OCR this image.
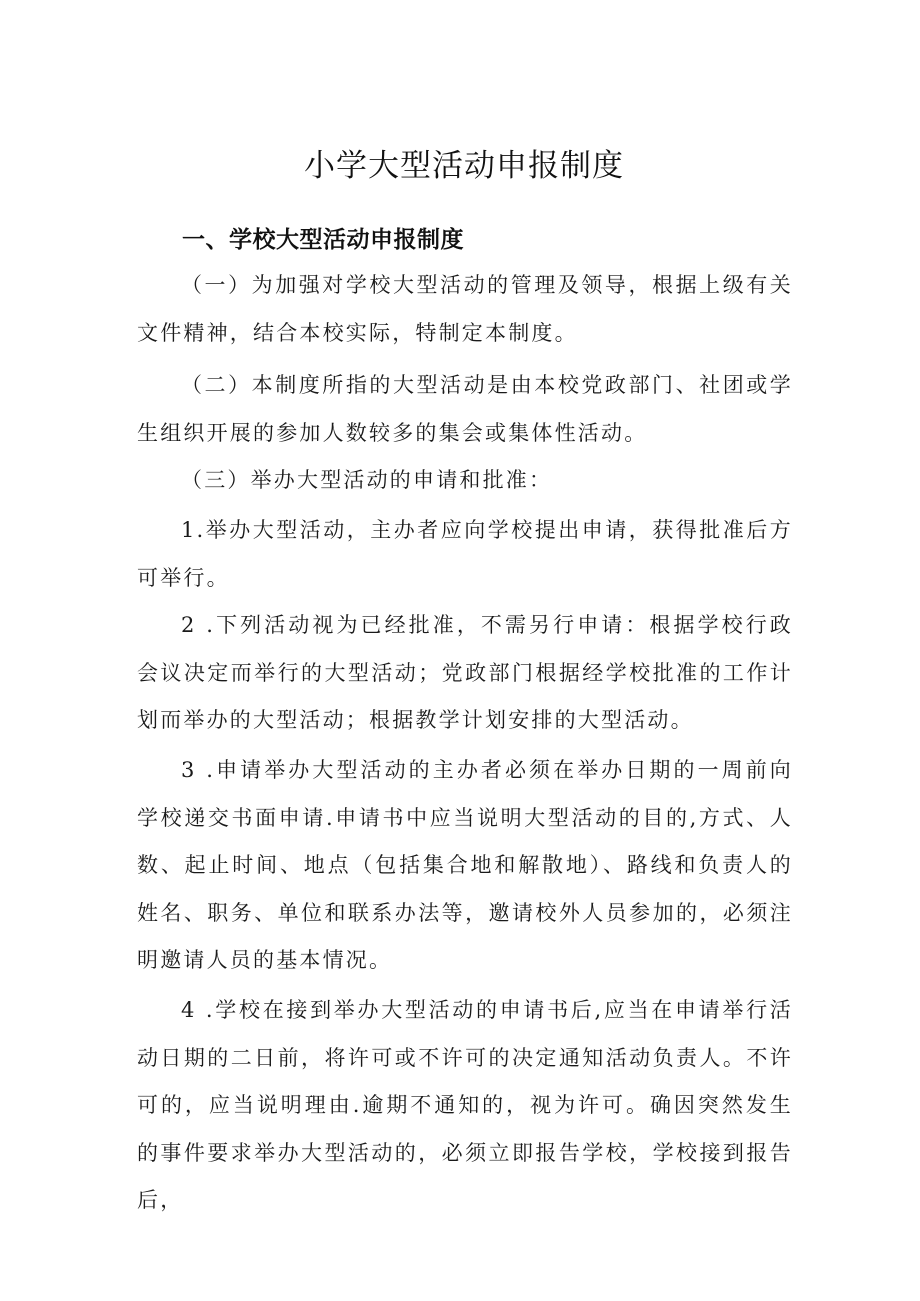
小学大型活动申报制度
一、学校大型活动申报制度

（一）为加强对学校大型活动的管理及领导，根据上级有关文件精神，结合本校实际，特制定本制度。

（二）本制度所指的大型活动是由本校党政部门、社团或学生组织开展的参加人数较多的集会或集体性活动。

（三）举办大型活动的申请和批准：

1.举办大型活动，主办者应向学校提出申请，获得批准后方可举行。

2 .下列活动视为已经批准，不需另行申请：根据学校行政会议决定而举行的大型活动；党政部门根据经学校批准的工作计划而举办的大型活动；根据教学计划安排的大型活动。

3 .申请举办大型活动的主办者必须在举办日期的一周前向学校递交书面申请.申请书中应当说明大型活动的目的,方式、人数、起止时间、地点（包括集合地和解散地）、路线和负责人的姓名、职务、单位和联系办法等，邀请校外人员参加的，必须注明邀请人员的基本情况。

4 .学校在接到举办大型活动的申请书后,应当在申请举行活动日期的二日前，将许可或不许可的决定通知活动负责人。不许可的，应当说明理由.逾期不通知的，视为许可。确因突然发生的事件要求举办大型活动的，必须立即报告学校，学校接到报告后，
